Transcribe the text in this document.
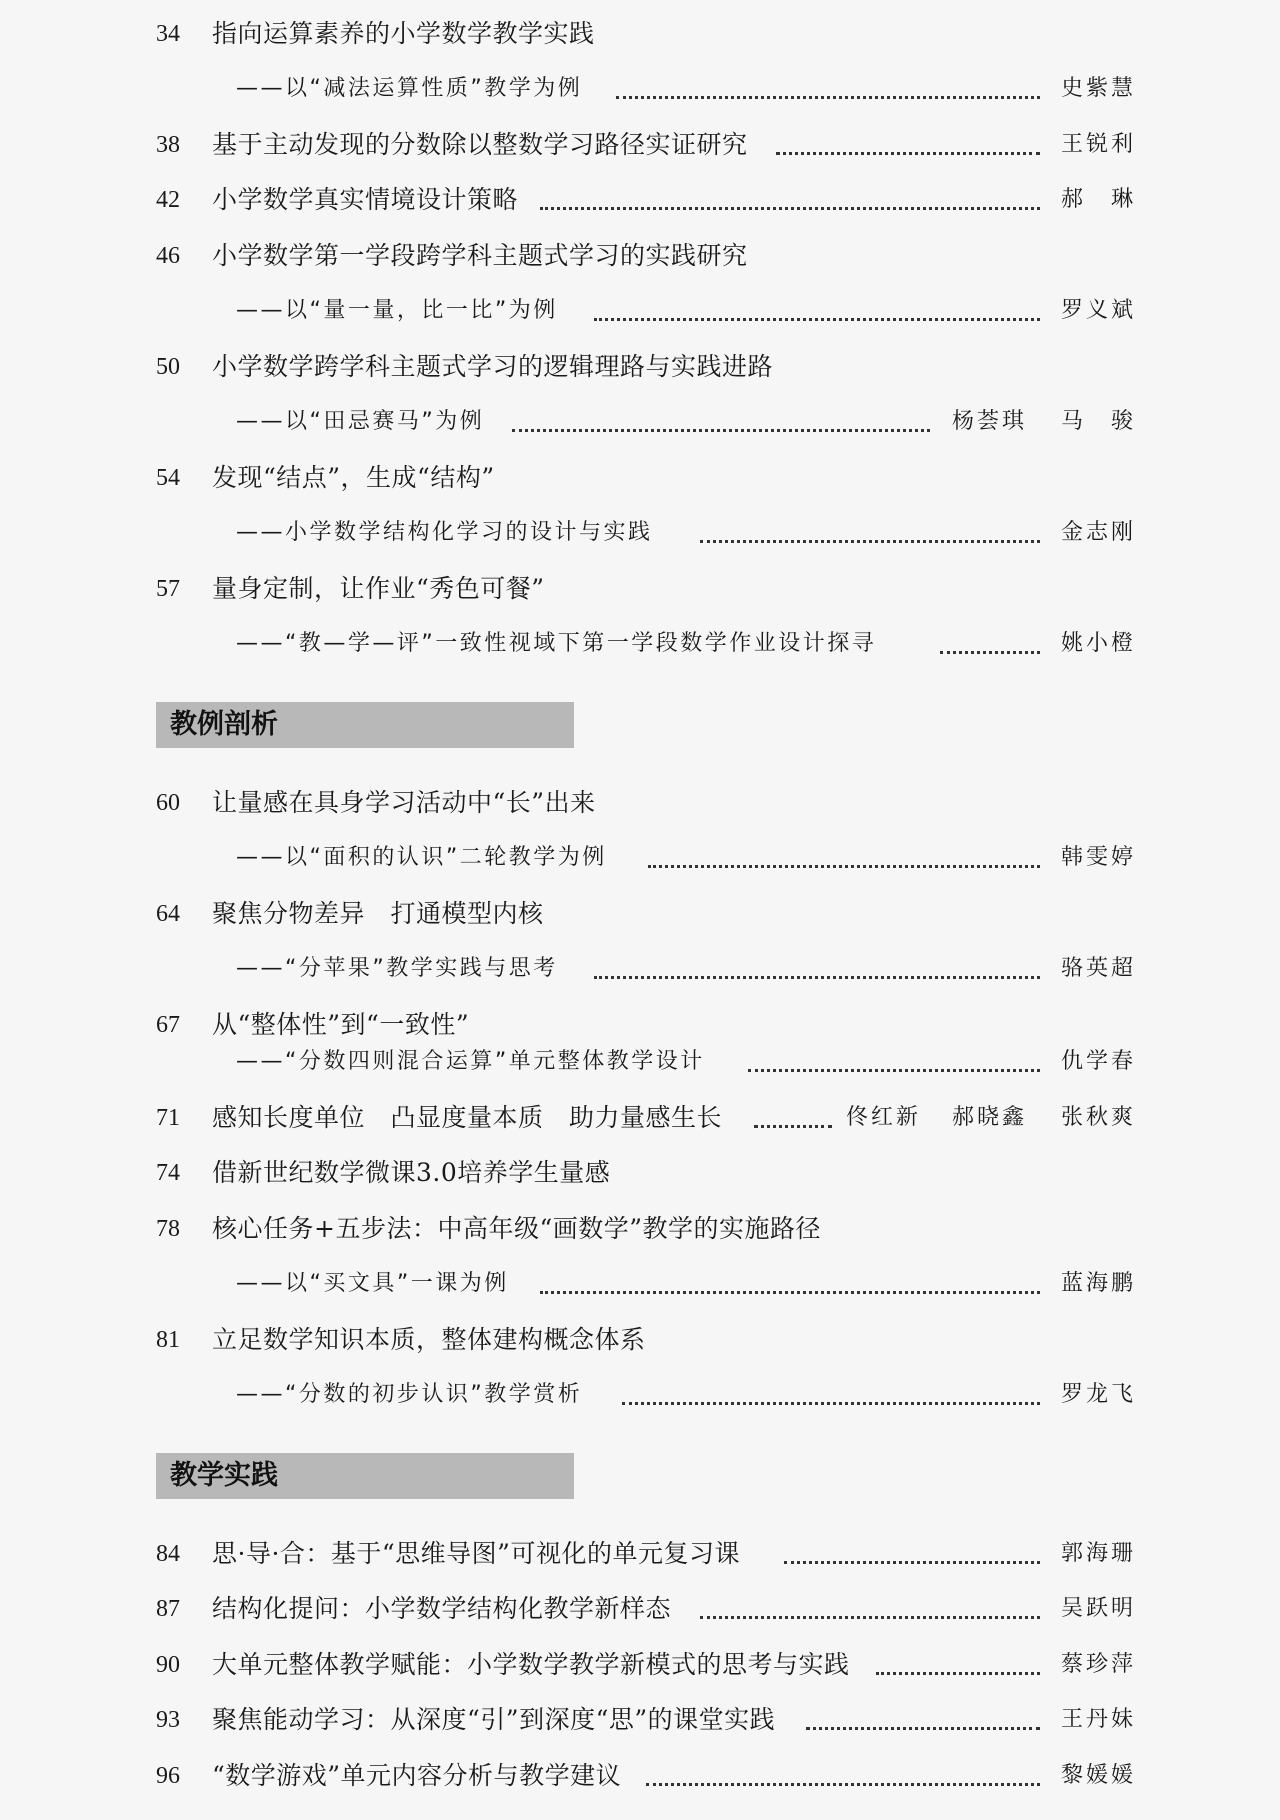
34 指向运算素养的小学数学教学实践
——以“减法运算性质”教学为例	史紫慧
38 基于主动发现的分数除以整数学习路径实证研究	王锐利
42 小学数学真实情境设计策略	郝　琳
46 小学数学第一学段跨学科主题式学习的实践研究
——以“量一量，比一比”为例	罗义斌
50 小学数学跨学科主题式学习的逻辑理路与实践进路
——以“田忌赛马”为例	杨荟琪 马　骏
54 发现“结点”，生成“结构”
——小学数学结构化学习的设计与实践	金志刚
57 量身定制，让作业“秀色可餐”
——“教—学—评”一致性视域下第一学段数学作业设计探寻	姚小橙
教例剖析
60 让量感在具身学习活动中“长”出来
——以“面积的认识”二轮教学为例	韩雯婷
64 聚焦分物差异　打通模型内核
——“分苹果”教学实践与思考	骆英超
67 从“整体性”到“一致性”
——“分数四则混合运算”单元整体教学设计	仇学春
71 感知长度单位　凸显度量本质　助力量感生长	佟红新 郝晓鑫 张秋爽
74 借新世纪数学微课3.0培养学生量感
78 核心任务+五步法：中高年级“画数学”教学的实施路径
——以“买文具”一课为例	蓝海鹏
81 立足数学知识本质，整体建构概念体系
——“分数的初步认识”教学赏析	罗龙飞
教学实践
84 思·导·合：基于“思维导图”可视化的单元复习课	郭海珊
87 结构化提问：小学数学结构化教学新样态	吴跃明
90 大单元整体教学赋能：小学数学教学新模式的思考与实践	蔡珍萍
93 聚焦能动学习：从深度“引”到深度“思”的课堂实践	王丹妹
96 “数学游戏”单元内容分析与教学建议	黎媛媛
